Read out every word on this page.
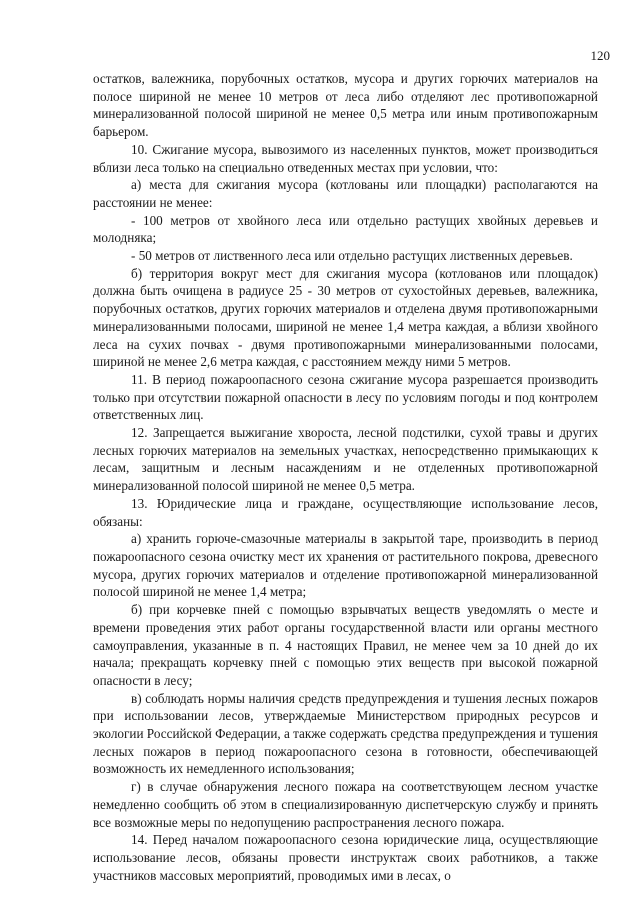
120

остатков, валежника, порубочных остатков, мусора и других горючих материалов на полосе шириной не менее 10 метров от леса либо отделяют лес противопожарной минерализованной полосой шириной не менее 0,5 метра или иным противопожарным барьером.

10. Сжигание мусора, вывозимого из населенных пунктов, может производиться вблизи леса только на специально отведенных местах при условии, что:

а) места для сжигания мусора (котлованы или площадки) располагаются на расстоянии не менее:

- 100 метров от хвойного леса или отдельно растущих хвойных деревьев и молодняка;

- 50 метров от лиственного леса или отдельно растущих лиственных деревьев.

б) территория вокруг мест для сжигания мусора (котлованов или площадок) должна быть очищена в радиусе 25 - 30 метров от сухостойных деревьев, валежника, порубочных остатков, других горючих материалов и отделена двумя противопожарными минерализованными полосами, шириной не менее 1,4 метра каждая, а вблизи хвойного леса на сухих почвах - двумя противопожарными минерализованными полосами, шириной не менее 2,6 метра каждая, с расстоянием между ними 5 метров.

11. В период пожароопасного сезона сжигание мусора разрешается производить только при отсутствии пожарной опасности в лесу по условиям погоды и под контролем ответственных лиц.

12. Запрещается выжигание хвороста, лесной подстилки, сухой травы и других лесных горючих материалов на земельных участках, непосредственно примыкающих к лесам, защитным и лесным насаждениям и не отделенных противопожарной минерализованной полосой шириной не менее 0,5 метра.

13. Юридические лица и граждане, осуществляющие использование лесов, обязаны:

а) хранить горюче-смазочные материалы в закрытой таре, производить в период пожароопасного сезона очистку мест их хранения от растительного покрова, древесного мусора, других горючих материалов и отделение противопожарной минерализованной полосой шириной не менее 1,4 метра;

б) при корчевке пней с помощью взрывчатых веществ уведомлять о месте и времени проведения этих работ органы государственной власти или органы местного самоуправления, указанные в п. 4 настоящих Правил, не менее чем за 10 дней до их начала; прекращать корчевку пней с помощью этих веществ при высокой пожарной опасности в лесу;

в) соблюдать нормы наличия средств предупреждения и тушения лесных пожаров при использовании лесов, утверждаемые Министерством природных ресурсов и экологии Российской Федерации, а также содержать средства предупреждения и тушения лесных пожаров в период пожароопасного сезона в готовности, обеспечивающей возможность их немедленного использования;

г) в случае обнаружения лесного пожара на соответствующем лесном участке немедленно сообщить об этом в специализированную диспетчерскую службу и принять все возможные меры по недопущению распространения лесного пожара.

14. Перед началом пожароопасного сезона юридические лица, осуществляющие использование лесов, обязаны провести инструктаж своих работников, а также участников массовых мероприятий, проводимых ими в лесах, о
